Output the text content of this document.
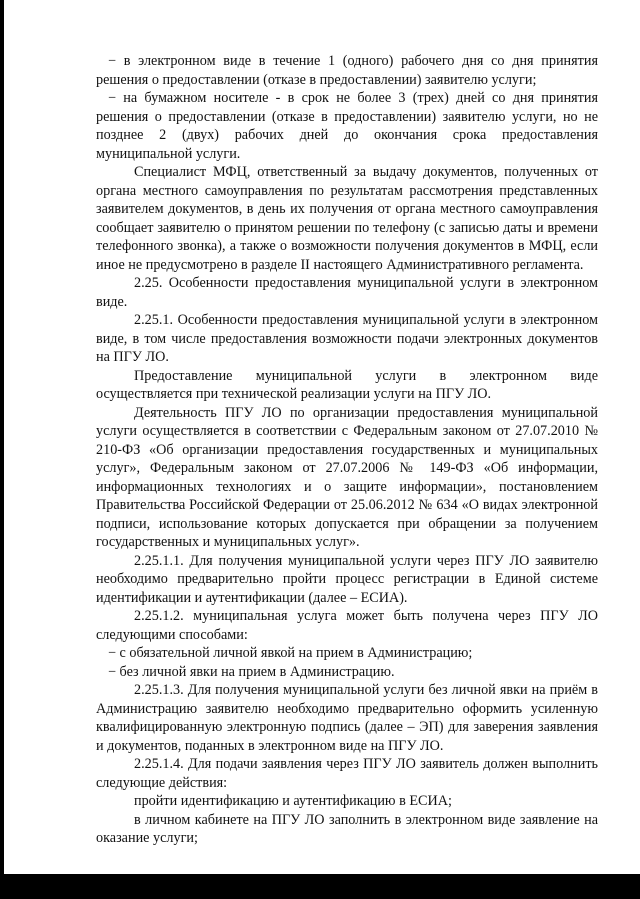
− в электронном виде в течение 1 (одного) рабочего дня со дня принятия решения о предоставлении (отказе в предоставлении) заявителю услуги;

− на бумажном носителе - в срок не более 3 (трех) дней со дня принятия решения о предоставлении (отказе в предоставлении) заявителю услуги, но не позднее 2 (двух) рабочих дней до окончания срока предоставления муниципальной услуги.

Специалист МФЦ, ответственный за выдачу документов, полученных от органа местного самоуправления по результатам рассмотрения представленных заявителем документов, в день их получения от органа местного самоуправления сообщает заявителю о принятом решении по телефону (с записью даты и времени телефонного звонка), а также о возможности получения документов в МФЦ, если иное не предусмотрено в разделе II настоящего Административного регламента.

2.25. Особенности предоставления муниципальной услуги в электронном виде.

2.25.1. Особенности предоставления муниципальной услуги в электронном виде, в том числе предоставления возможности подачи электронных документов на ПГУ ЛО.

Предоставление муниципальной услуги в электронном виде осуществляется при технической реализации услуги на ПГУ ЛО.

Деятельность ПГУ ЛО по организации предоставления муниципальной услуги осуществляется в соответствии с Федеральным законом от 27.07.2010 № 210-ФЗ «Об организации предоставления государственных и муниципальных услуг», Федеральным законом от 27.07.2006 № 149-ФЗ «Об информации, информационных технологиях и о защите информации», постановлением Правительства Российской Федерации от 25.06.2012 № 634 «О видах электронной подписи, использование которых допускается при обращении за получением государственных и муниципальных услуг».

2.25.1.1. Для получения муниципальной услуги через ПГУ ЛО заявителю необходимо предварительно пройти процесс регистрации в Единой системе идентификации и аутентификации (далее – ЕСИА).

2.25.1.2. муниципальная услуга может быть получена через ПГУ ЛО следующими способами:

− с обязательной личной явкой на прием в Администрацию;

− без личной явки на прием в Администрацию.

2.25.1.3. Для получения муниципальной услуги без личной явки на приём в Администрацию заявителю необходимо предварительно оформить усиленную квалифицированную электронную подпись (далее – ЭП) для заверения заявления и документов, поданных в электронном виде на ПГУ ЛО.

2.25.1.4. Для подачи заявления через ПГУ ЛО заявитель должен выполнить следующие действия:

пройти идентификацию и аутентификацию в ЕСИА;

в личном кабинете на ПГУ ЛО заполнить в электронном виде заявление на оказание услуги;
